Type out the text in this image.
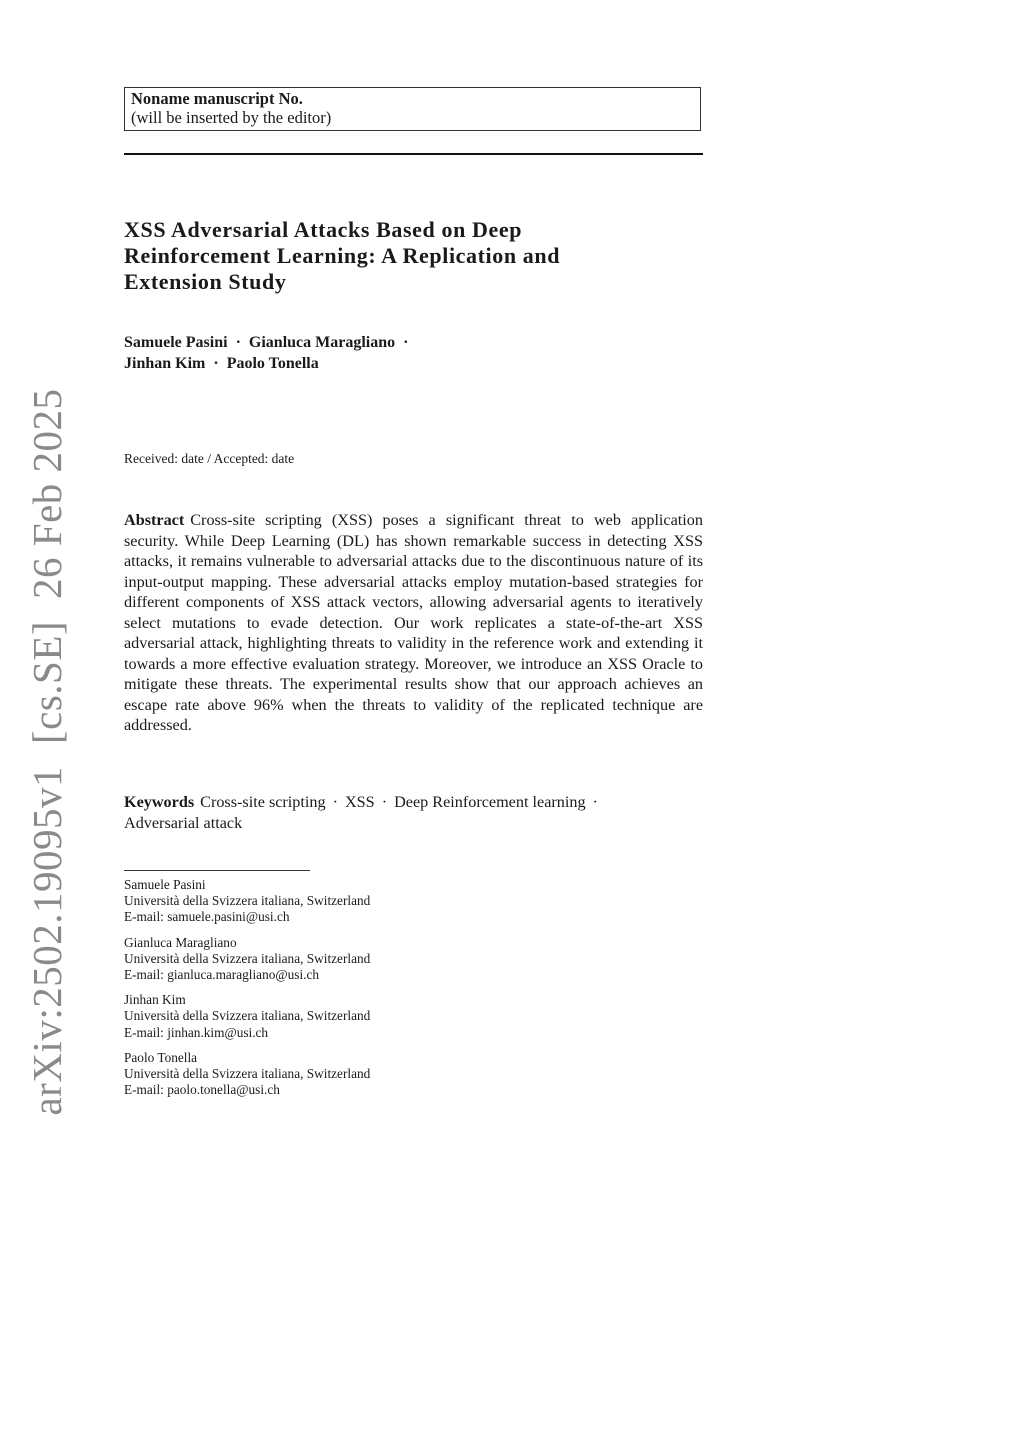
arXiv:2502.19095v1[cs.SE]26 Feb 2025
Noname manuscript No.
(will be inserted by the editor)
XSS Adversarial Attacks Based on Deep
Reinforcement Learning: A Replication and
Extension Study
Samuele Pasini · Gianluca Maragliano ·
Jinhan Kim · Paolo Tonella
Received: date / Accepted: date

Abstract Cross-site scripting (XSS) poses a significant threat to web application security. While Deep Learning (DL) has shown remarkable success in detecting XSS attacks, it remains vulnerable to adversarial attacks due to the discontinuous nature of its input-output mapping. These adversarial attacks employ mutation-based strategies for different components of XSS attack vectors, allowing adversarial agents to iteratively select mutations to evade detection. Our work replicates a state-of-the-art XSS adversarial attack, highlighting threats to validity in the reference work and extending it towards a more effective evaluation strategy. Moreover, we introduce an XSS Oracle to mitigate these threats. The experimental results show that our approach achieves an escape rate above 96% when the threats to validity of the replicated technique are addressed.

Keywords Cross-site scripting · XSS · Deep Reinforcement learning ·
Adversarial attack

Samuele Pasini
Università della Svizzera italiana, Switzerland
E-mail: samuele.pasini@usi.ch
Gianluca Maragliano
Università della Svizzera italiana, Switzerland
E-mail: gianluca.maragliano@usi.ch
Jinhan Kim
Università della Svizzera italiana, Switzerland
E-mail: jinhan.kim@usi.ch
Paolo Tonella
Università della Svizzera italiana, Switzerland
E-mail: paolo.tonella@usi.ch
